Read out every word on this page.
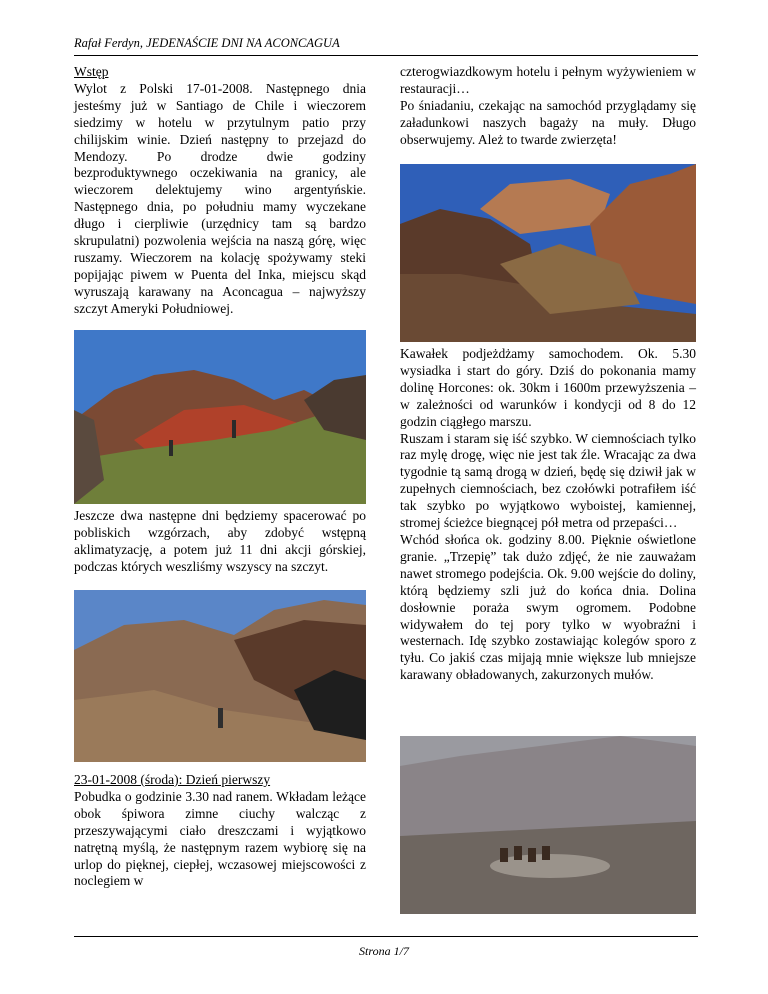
Rafał Ferdyn, JEDENAŚCIE DNI NA ACONCAGUA

Wstęp

Wylot z Polski 17-01-2008. Następnego dnia jesteśmy już w Santiago de Chile i wieczorem siedzimy w hotelu w przytulnym patio przy chilijskim winie. Dzień następny to przejazd do Mendozy. Po drodze dwie godziny bezproduktywnego oczekiwania na granicy, ale wieczorem delektujemy wino argentyńskie. Następnego dnia, po południu mamy wyczekane długo i cierpliwie (urzędnicy tam są bardzo skrupulatni) pozwolenia wejścia na naszą górę, więc ruszamy. Wieczorem na kolację spożywamy steki popijając piwem w Puenta del Inka, miejscu skąd wyruszają karawany na Aconcagua – najwyższy szczyt Ameryki Południowej.

Jeszcze dwa następne dni będziemy spacerować po pobliskich wzgórzach, aby zdobyć wstępną aklimatyzację, a potem już 11 dni akcji górskiej, podczas których weszliśmy wszyscy na szczyt.

23-01-2008 (środa): Dzień pierwszy

Pobudka o godzinie 3.30 nad ranem. Wkładam leżące obok śpiwora zimne ciuchy walcząc z przeszywającymi ciało dreszczami i wyjątkowo natrętną myślą, że następnym razem wybiorę się na urlop do pięknej, ciepłej, wczasowej miejscowości z noclegiem w

czterogwiazdkowym hotelu i pełnym wyżywieniem w restauracji…

Po śniadaniu, czekając na samochód przyglądamy się załadunkowi naszych bagaży na muły. Długo obserwujemy. Ależ to twarde zwierzęta!

Kawałek podjeżdżamy samochodem. Ok. 5.30 wysiadka i start do góry. Dziś do pokonania mamy dolinę Horcones: ok. 30km i 1600m przewyższenia – w zależności od warunków i kondycji od 8 do 12 godzin ciągłego marszu.

Ruszam i staram się iść szybko. W ciemnościach tylko raz mylę drogę, więc nie jest tak źle. Wracając za dwa tygodnie tą samą drogą w dzień, będę się dziwił jak w zupełnych ciemnościach, bez czołówki potrafiłem iść tak szybko po wyjątkowo wyboistej, kamiennej, stromej ścieżce biegnącej pół metra od przepaści…

Wchód słońca ok. godziny 8.00. Pięknie oświetlone granie. „Trzepię” tak dużo zdjęć, że nie zauważam nawet stromego podejścia. Ok. 9.00 wejście do doliny, którą będziemy szli już do końca dnia. Dolina dosłownie poraża swym ogromem. Podobne widywałem do tej pory tylko w wyobraźni i westernach. Idę szybko zostawiając kolegów sporo z tyłu. Co jakiś czas mijają mnie większe lub mniejsze karawany obładowanych, zakurzonych mułów.

Strona 1/7
